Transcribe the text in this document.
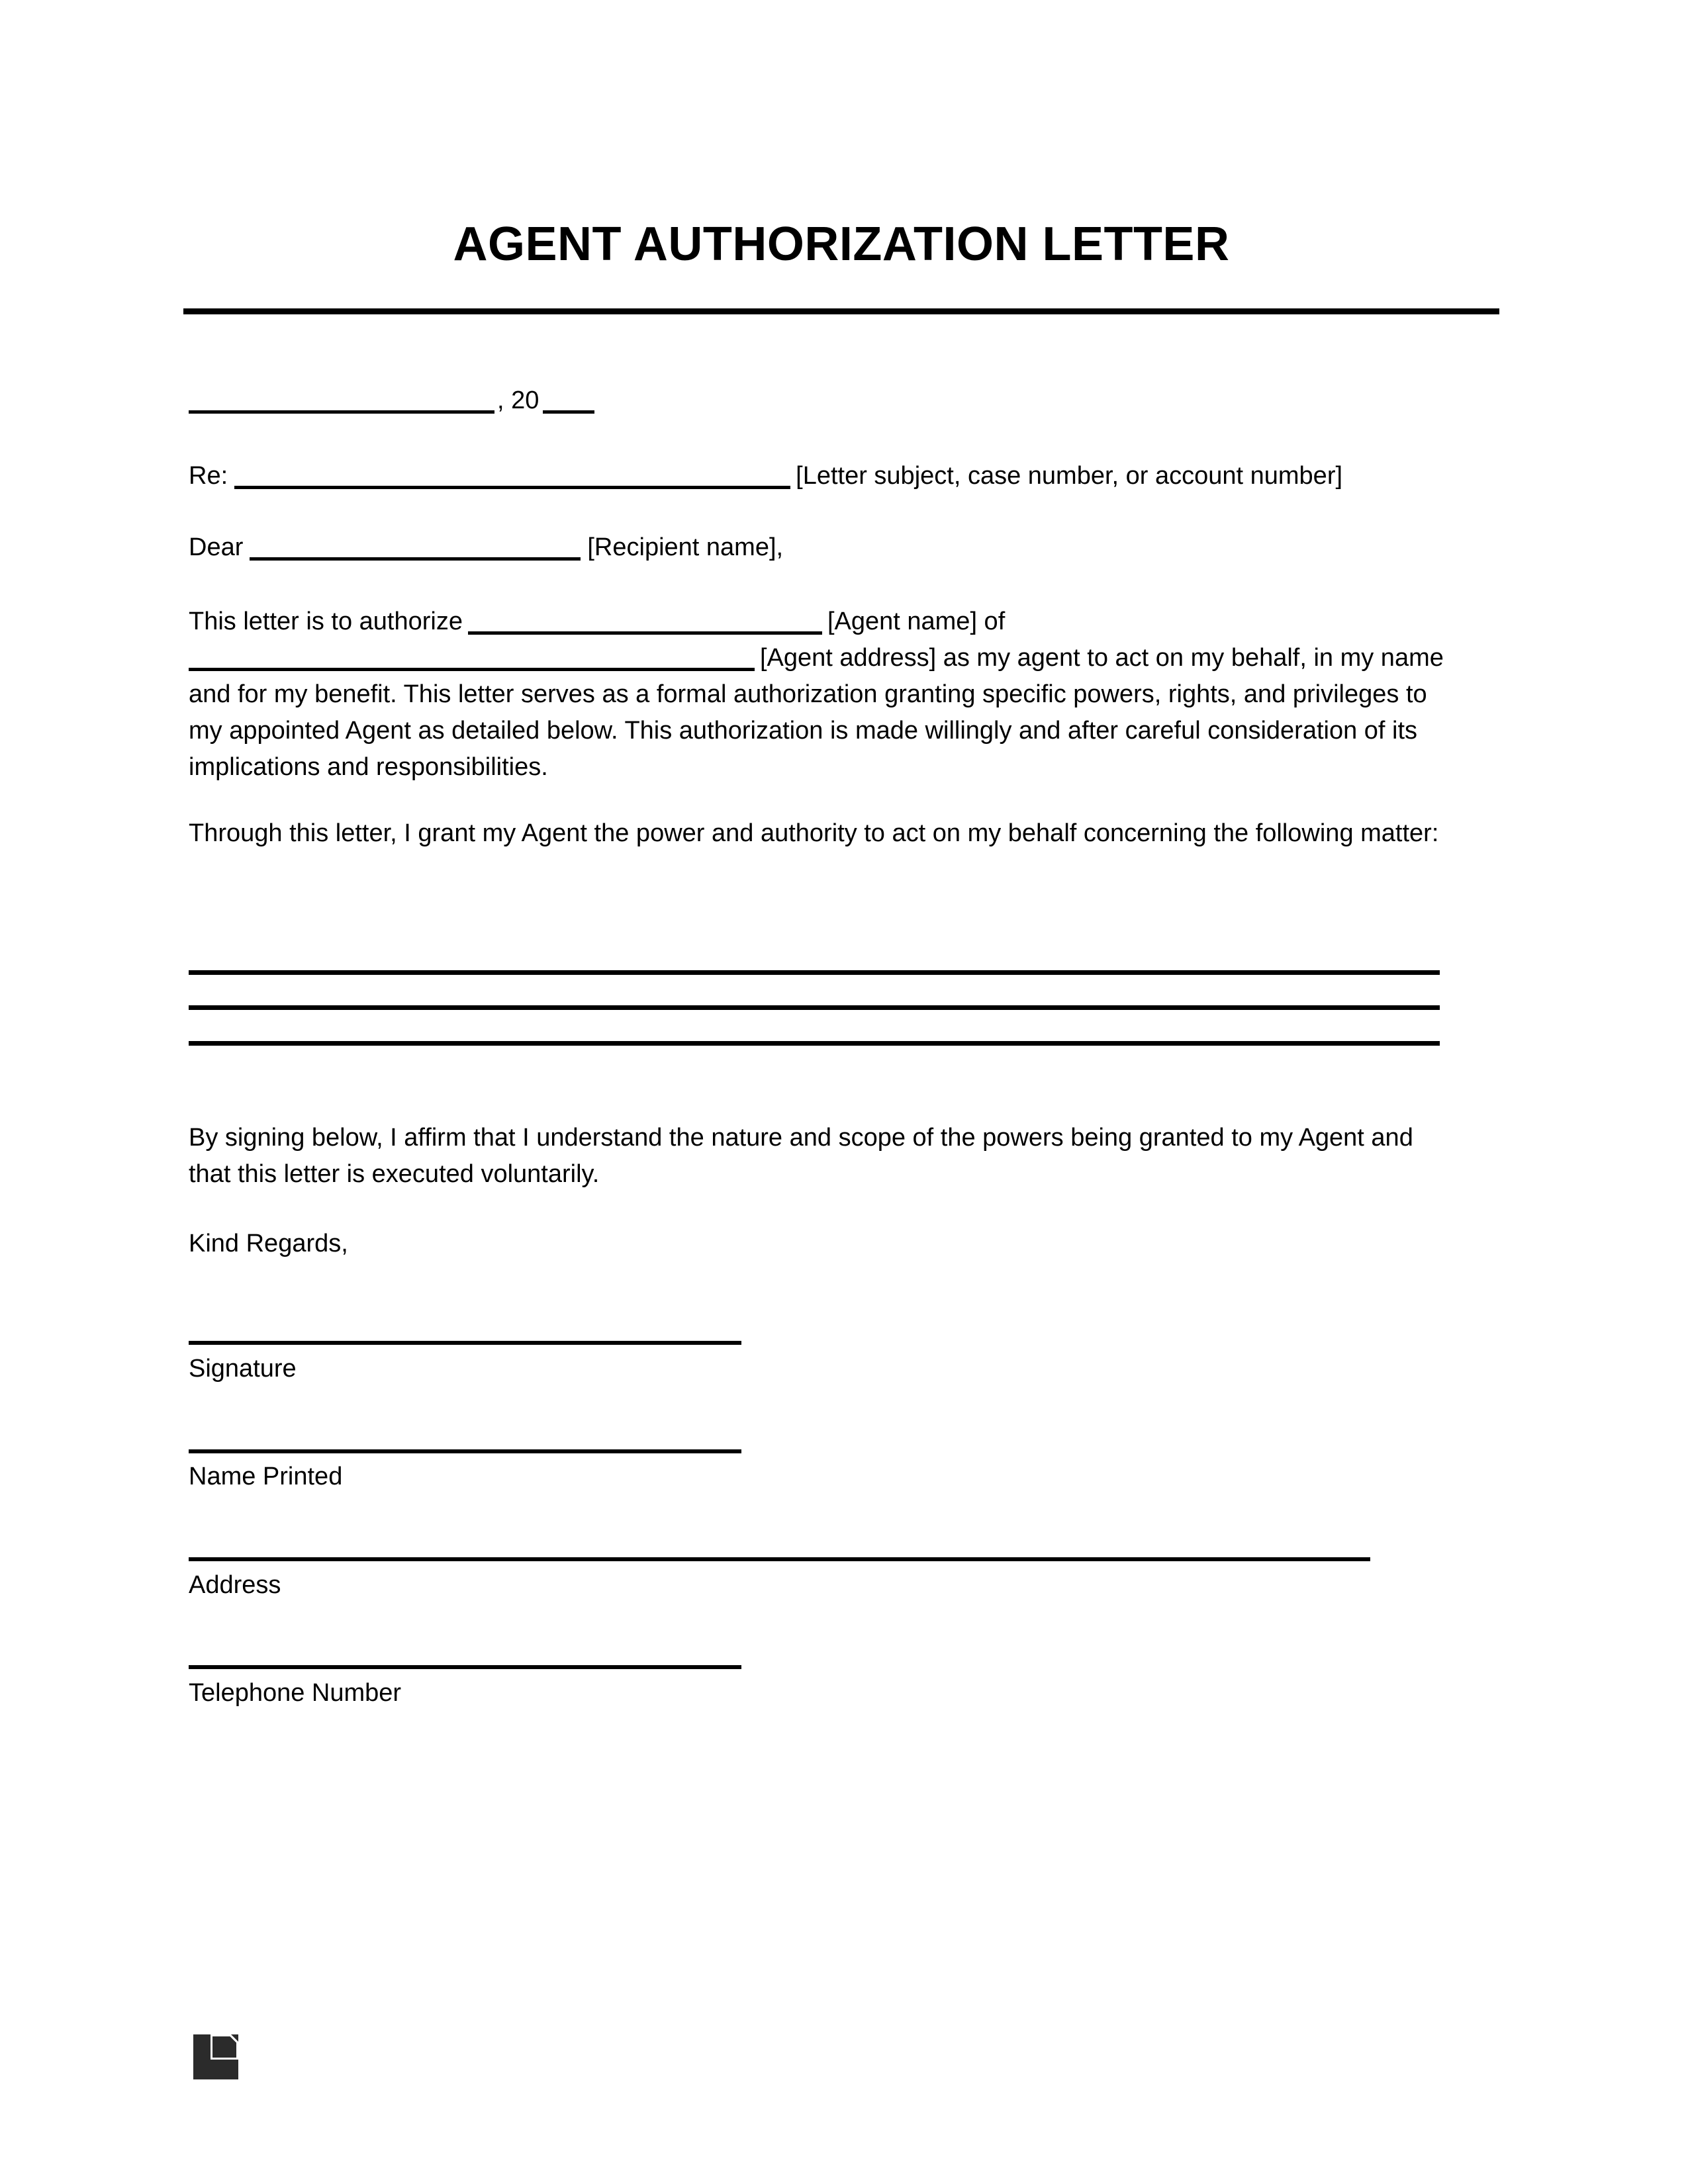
AGENT AUTHORIZATION LETTER
, 20
Re:	[Letter subject, case number, or account number]
Dear	[Recipient name],
This letter is to authorize	[Agent name] of
[Agent address] as my agent to act on my behalf, in my name and for my benefit. This letter serves as a formal authorization granting specific powers, rights, and privileges to my appointed Agent as detailed below. This authorization is made willingly and after careful consideration of its implications and responsibilities.
Through this letter, I grant my Agent the power and authority to act on my behalf concerning the following matter:
By signing below, I affirm that I understand the nature and scope of the powers being granted to my Agent and that this letter is executed voluntarily.
Kind Regards,
Signature
Name Printed
Address
Telephone Number
